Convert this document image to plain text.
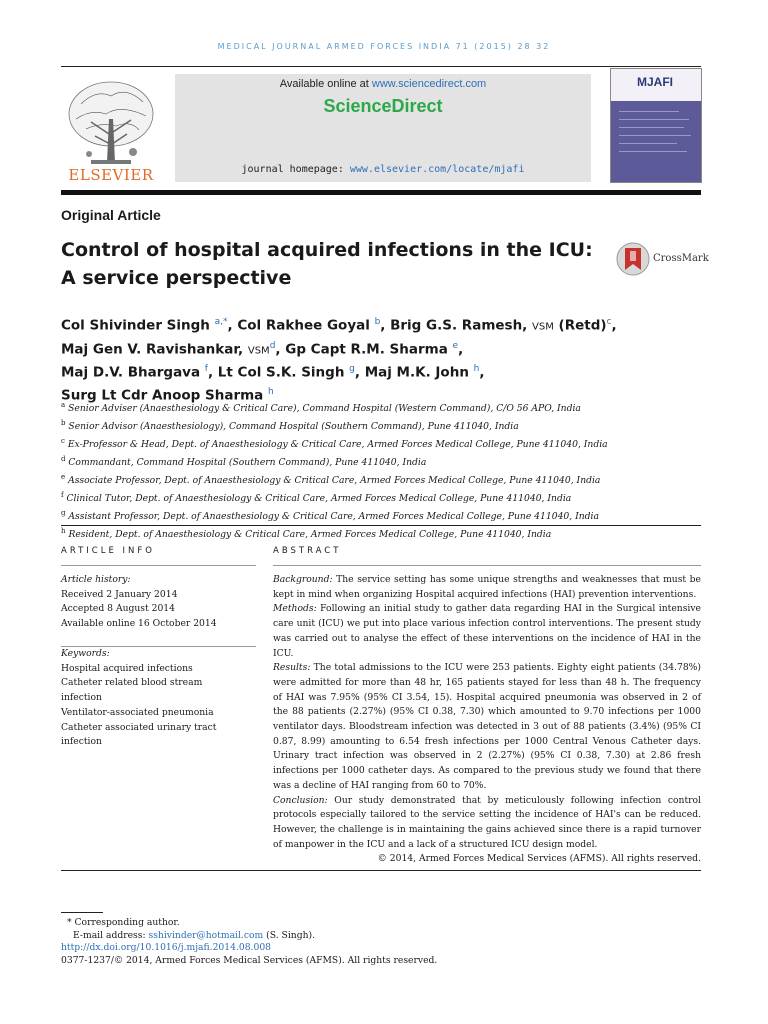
MEDICAL JOURNAL ARMED FORCES INDIA 71 (2015) 28 32
ELSEVIER
Available online at www.sciencedirect.com
ScienceDirect
journal homepage: www.elsevier.com/locate/mjafi
MJAFI
Original Article
Control of hospital acquired infections in the ICU:
A service perspective
CrossMark
Col Shivinder Singh $^{a,*}$, Col Rakhee Goyal $^b$, Brig G.S. Ramesh, VSM (Retd)$^c$,
Maj Gen V. Ravishankar, VSM$^d$, Gp Capt R.M. Sharma $^e$,
Maj D.V. Bhargava $^f$, Lt Col S.K. Singh $^g$, Maj M.K. John $^h$,
Surg Lt Cdr Anoop Sharma $^h$
$^a$ Senior Adviser (Anaesthesiology & Critical Care), Command Hospital (Western Command), C/O 56 APO, India
$^b$ Senior Advisor (Anaesthesiology), Command Hospital (Southern Command), Pune 411040, India
$^c$ Ex-Professor & Head, Dept. of Anaesthesiology & Critical Care, Armed Forces Medical College, Pune 411040, India
$^d$ Commandant, Command Hospital (Southern Command), Pune 411040, India
$^e$ Associate Professor, Dept. of Anaesthesiology & Critical Care, Armed Forces Medical College, Pune 411040, India
$^f$ Clinical Tutor, Dept. of Anaesthesiology & Critical Care, Armed Forces Medical College, Pune 411040, India
$^g$ Assistant Professor, Dept. of Anaesthesiology & Critical Care, Armed Forces Medical College, Pune 411040, India
$^h$ Resident, Dept. of Anaesthesiology & Critical Care, Armed Forces Medical College, Pune 411040, India
ARTICLE INFO	ABSTRACT
Article history:
Received 2 January 2014
Accepted 8 August 2014
Available online 16 October 2014
Keywords:
Hospital acquired infections
Catheter related blood stream
infection
Ventilator-associated pneumonia
Catheter associated urinary tract
infection
Background: The service setting has some unique strengths and weaknesses that must be kept in mind when organizing Hospital acquired infections (HAI) prevention interventions.
Methods: Following an initial study to gather data regarding HAI in the Surgical intensive care unit (ICU) we put into place various infection control interventions. The present study was carried out to analyse the effect of these interventions on the incidence of HAI in the ICU.
Results: The total admissions to the ICU were 253 patients. Eighty eight patients (34.78%) were admitted for more than 48 hr, 165 patients stayed for less than 48 h. The frequency of HAI was 7.95% (95% CI 3.54, 15). Hospital acquired pneumonia was observed in 2 of the 88 patients (2.27%) (95% CI 0.38, 7.30) which amounted to 9.70 infections per 1000 ventilator days. Bloodstream infection was detected in 3 out of 88 patients (3.4%) (95% CI 0.87, 8.99) amounting to 6.54 fresh infections per 1000 Central Venous Catheter days. Urinary tract infection was observed in 2 (2.27%) (95% CI 0.38, 7.30) at 2.86 fresh infections per 1000 catheter days. As compared to the previous study we found that there was a decline of HAI ranging from 60 to 70%.
Conclusion: Our study demonstrated that by meticulously following infection control protocols especially tailored to the service setting the incidence of HAI's can be reduced. However, the challenge is in maintaining the gains achieved since there is a rapid turnover of manpower in the ICU and a lack of a structured ICU design model.
© 2014, Armed Forces Medical Services (AFMS). All rights reserved.
* Corresponding author.
E-mail address: sshivinder@hotmail.com (S. Singh).
http://dx.doi.org/10.1016/j.mjafi.2014.08.008
0377-1237/© 2014, Armed Forces Medical Services (AFMS). All rights reserved.
